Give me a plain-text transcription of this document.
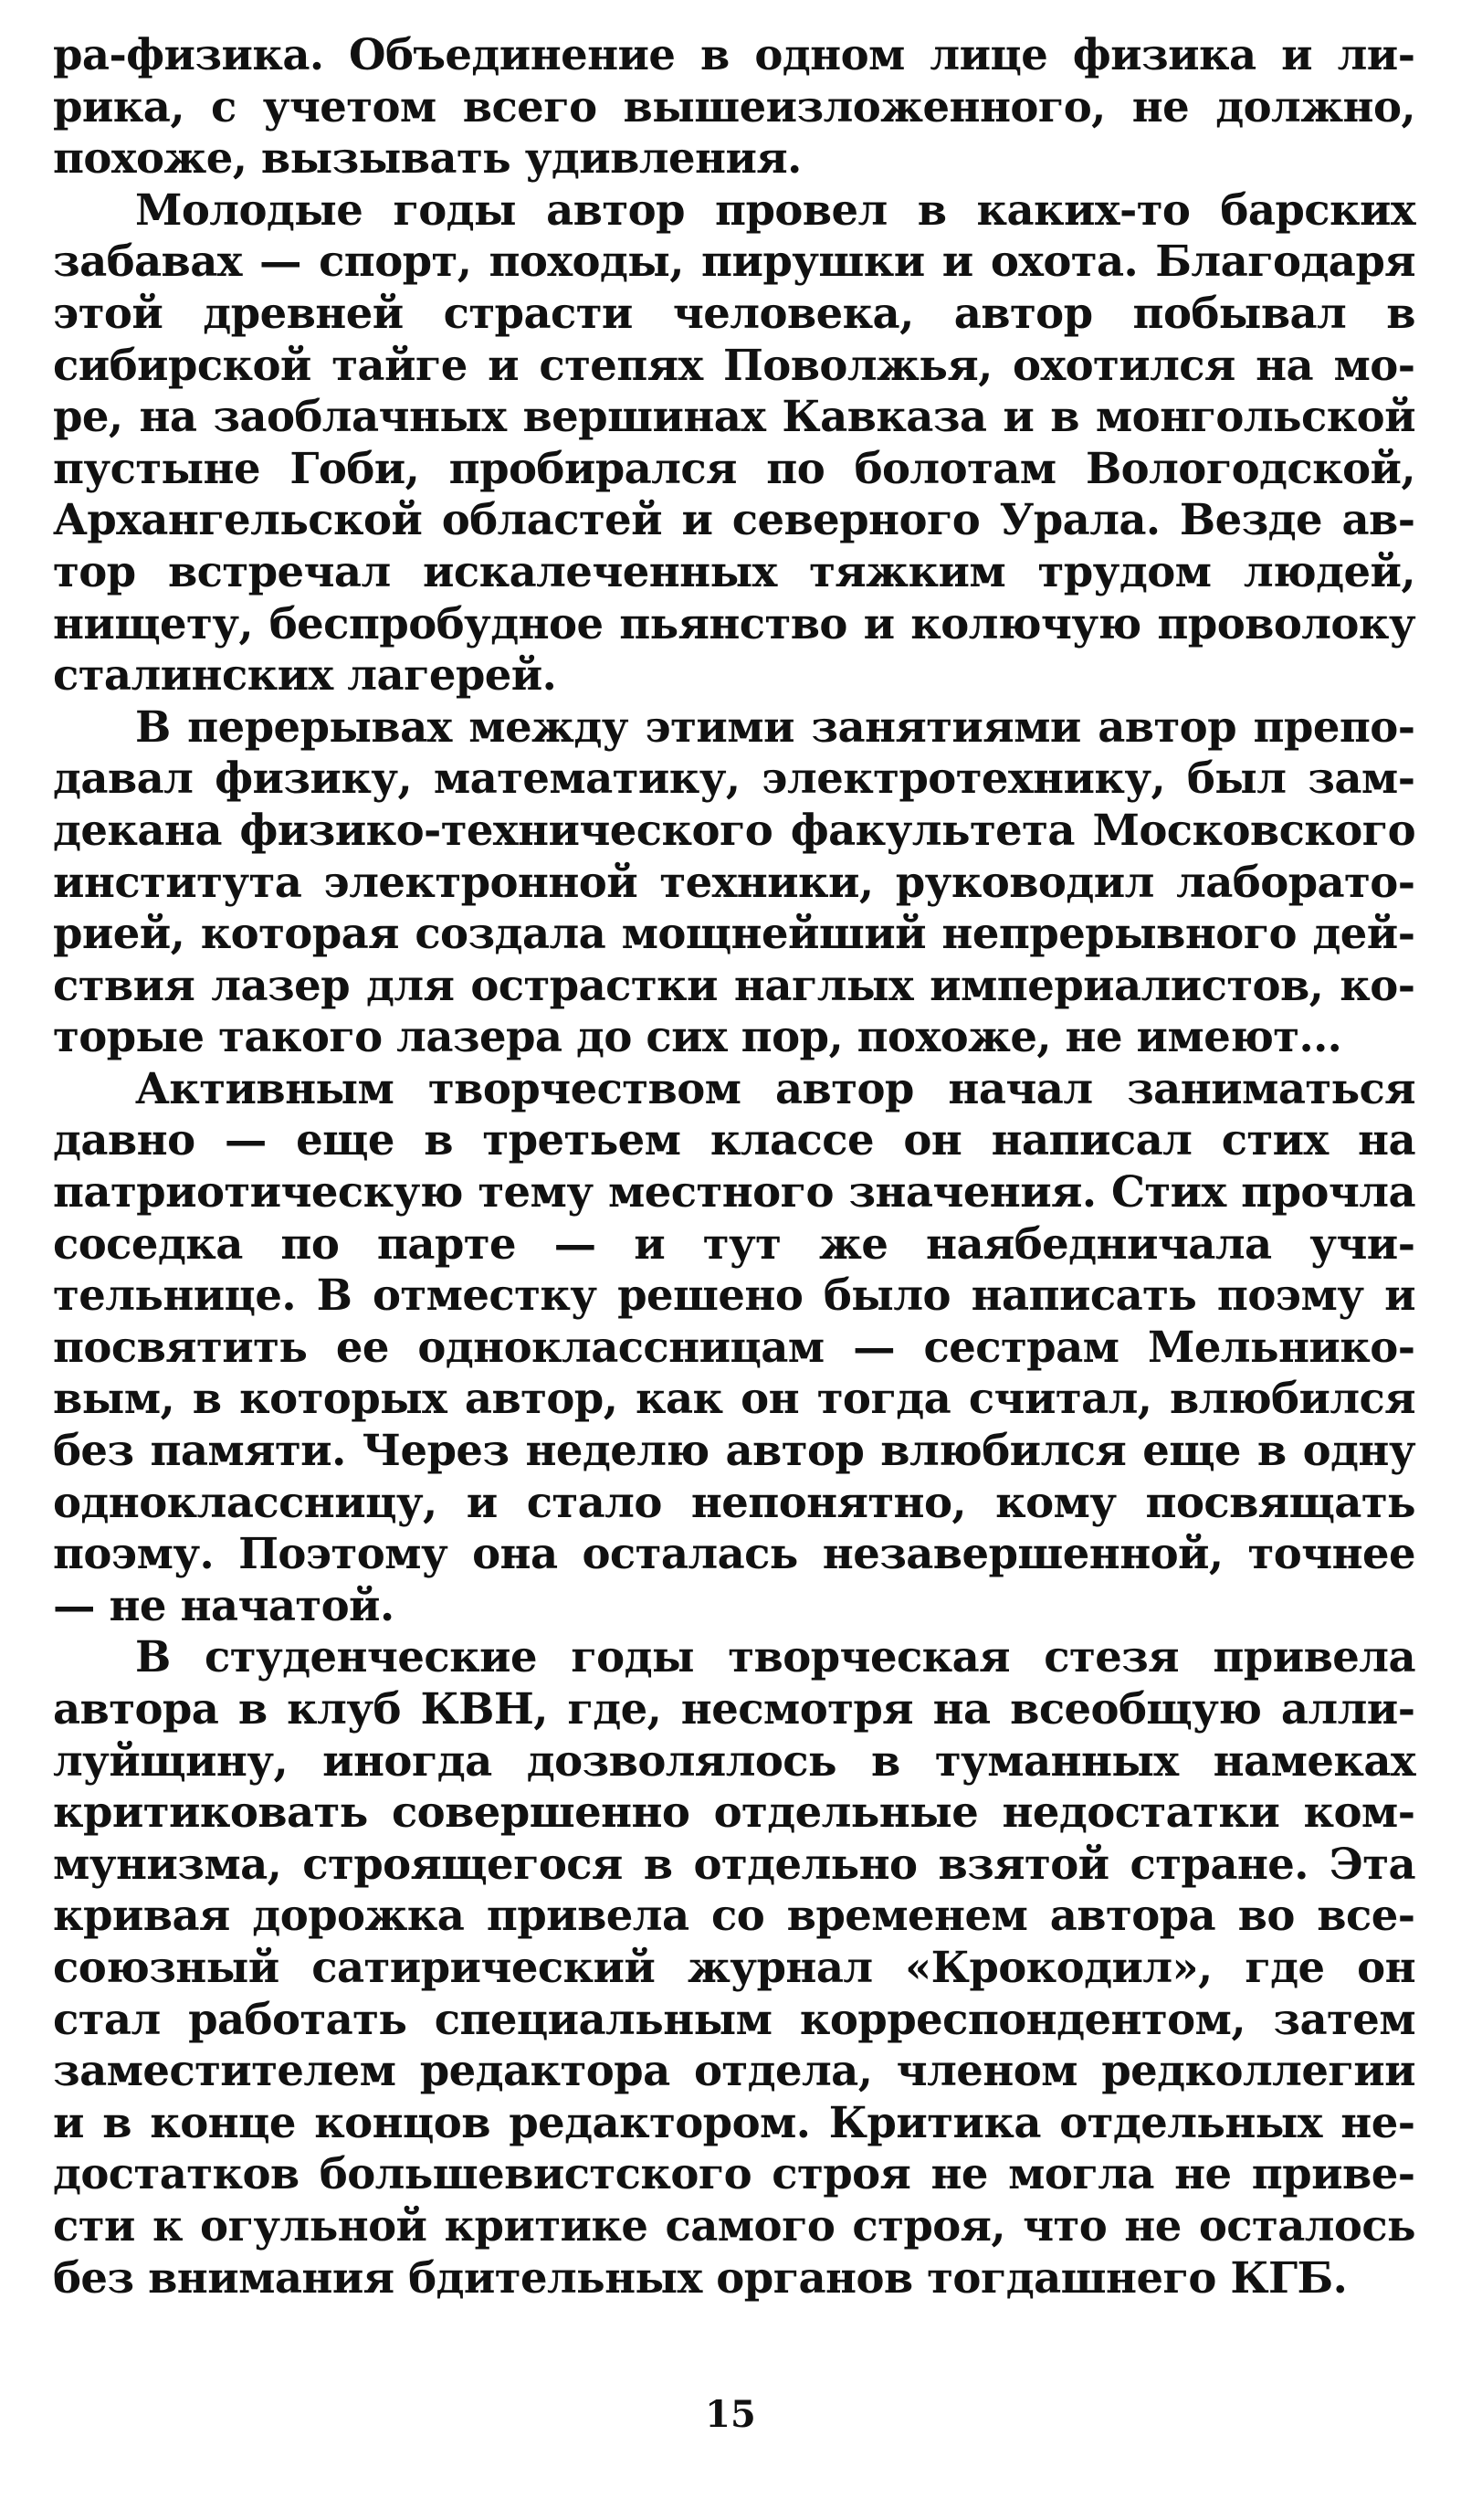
ра-физика. Объединение в одном лице физика и лирика, с учетом всего вышеизложенного, не должно, похоже, вызывать удивления.

Молодые годы автор провел в каких-то барских забавах — спорт, походы, пирушки и охота. Благодаря этой древней страсти человека, автор побывал в сибирской тайге и степях Поволжья, охотился на море, на заоблачных вершинах Кавказа и в монгольской пустыне Гоби, пробирался по болотам Вологодской, Архангельской областей и северного Урала. Везде автор встречал искалеченных тяжким трудом людей, нищету, беспробудное пьянство и колючую проволоку сталинских лагерей.

В перерывах между этими занятиями автор преподавал физику, математику, электротехнику, был замдекана физико-технического факультета Московского института электронной техники, руководил лабораторией, которая создала мощнейший непрерывного действия лазер для острастки наглых империалистов, которые такого лазера до сих пор, похоже, не имеют...

Активным творчеством автор начал заниматься давно — еще в третьем классе он написал стих на патриотическую тему местного значения. Стих прочла соседка по парте — и тут же наябедничала учительнице. В отместку решено было написать поэму и посвятить ее одноклассницам — сестрам Мельниковым, в которых автор, как он тогда считал, влюбился без памяти. Через неделю автор влюбился еще в одну одноклассницу, и стало непонятно, кому посвящать поэму. Поэтому она осталась незавершенной, точнее — не начатой.

В студенческие годы творческая стезя привела автора в клуб КВН, где, несмотря на всеобщую аллилуйщину, иногда дозволялось в туманных намеках критиковать совершенно отдельные недостатки коммунизма, строящегося в отдельно взятой стране. Эта кривая дорожка привела со временем автора во всесоюзный сатирический журнал «Крокодил», где он стал работать специальным корреспондентом, затем заместителем редактора отдела, членом редколлегии и в конце концов редактором. Критика отдельных недостатков большевистского строя не могла не привести к огульной критике самого строя, что не осталось без внимания бдительных органов тогдашнего КГБ.

15
